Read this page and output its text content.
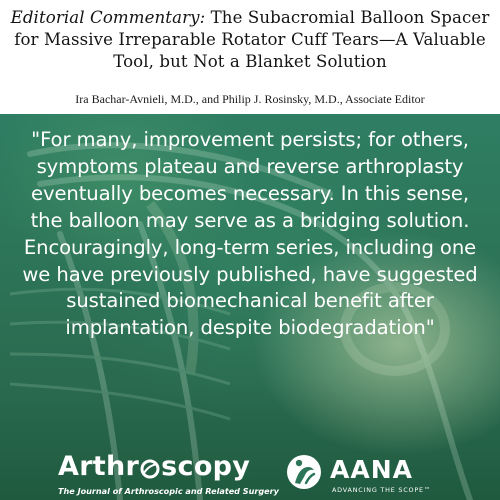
Editorial Commentary: The Subacromial Balloon Spacer for Massive Irreparable Rotator Cuff Tears—A Valuable Tool, but Not a Blanket Solution
Ira Bachar-Avnieli, M.D., and Philip J. Rosinsky, M.D., Associate Editor
"For many, improvement persists; for others, symptoms plateau and reverse arthroplasty eventually becomes necessary. In this sense, the balloon may serve as a bridging solution. Encouragingly, long-term series, including one we have previously published, have suggested sustained biomechanical benefit after implantation, despite biodegradation"
Arthr scopy
The Journal of Arthroscopic and Related Surgery
AANA
ADVANCING THE SCOPE™
